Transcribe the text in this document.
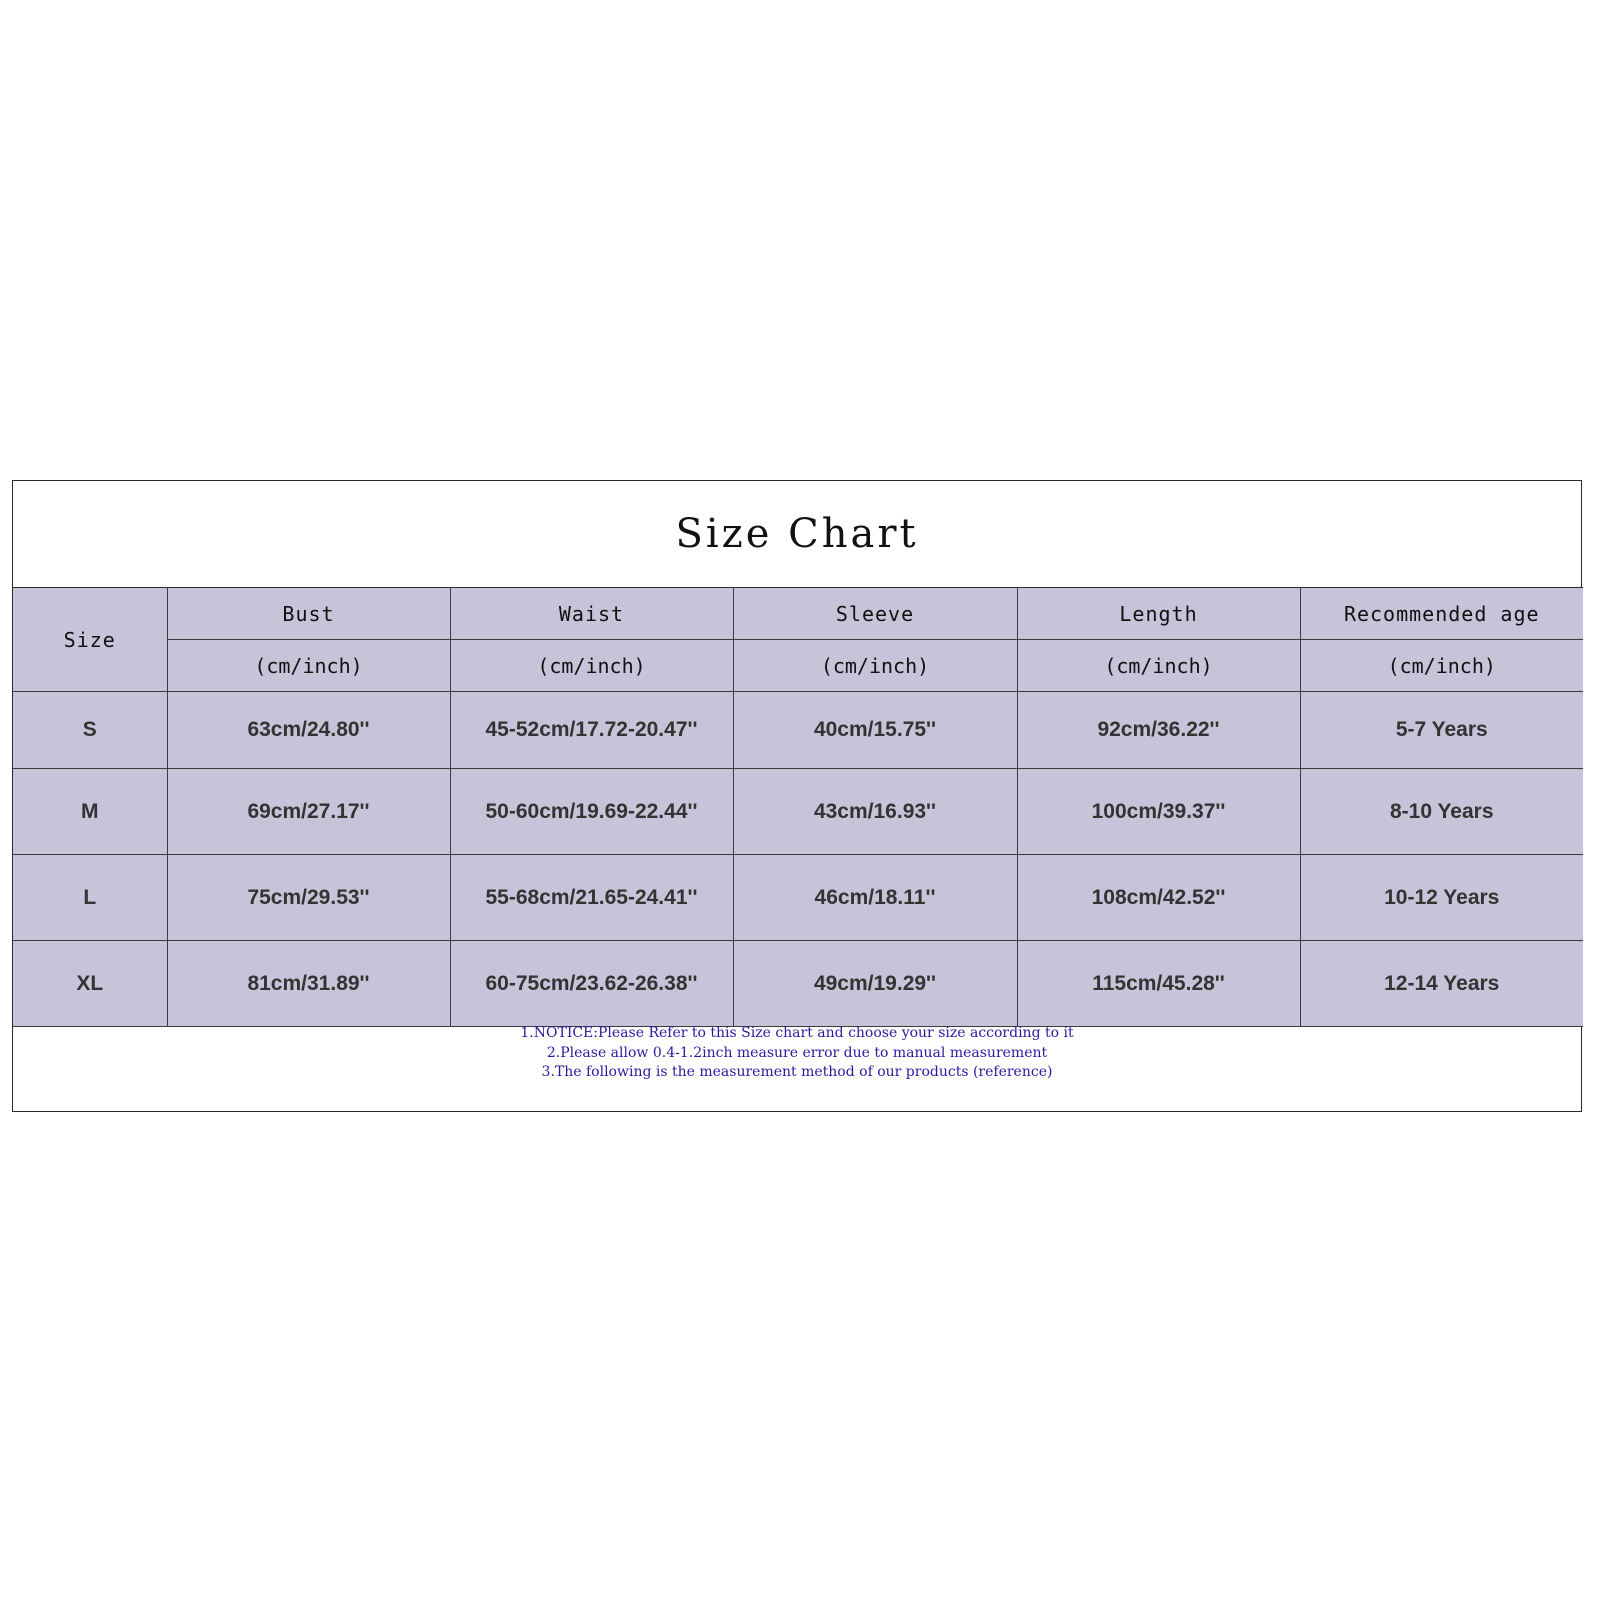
Size Chart
Size	Bust	Waist	Sleeve	Length	Recommended age
	(cm/inch)	(cm/inch)	(cm/inch)	(cm/inch)	(cm/inch)
S	63cm/24.80''	45-52cm/17.72-20.47''	40cm/15.75''	92cm/36.22''	5-7 Years
M	69cm/27.17''	50-60cm/19.69-22.44''	43cm/16.93''	100cm/39.37''	8-10 Years
L	75cm/29.53''	55-68cm/21.65-24.41''	46cm/18.11''	108cm/42.52''	10-12 Years
XL	81cm/31.89''	60-75cm/23.62-26.38''	49cm/19.29''	115cm/45.28''	12-14 Years
1.NOTICE:Please Refer to this Size chart and choose your size according to it
2.Please allow 0.4-1.2inch measure error due to manual measurement
3.The following is the measurement method of our products (reference)
